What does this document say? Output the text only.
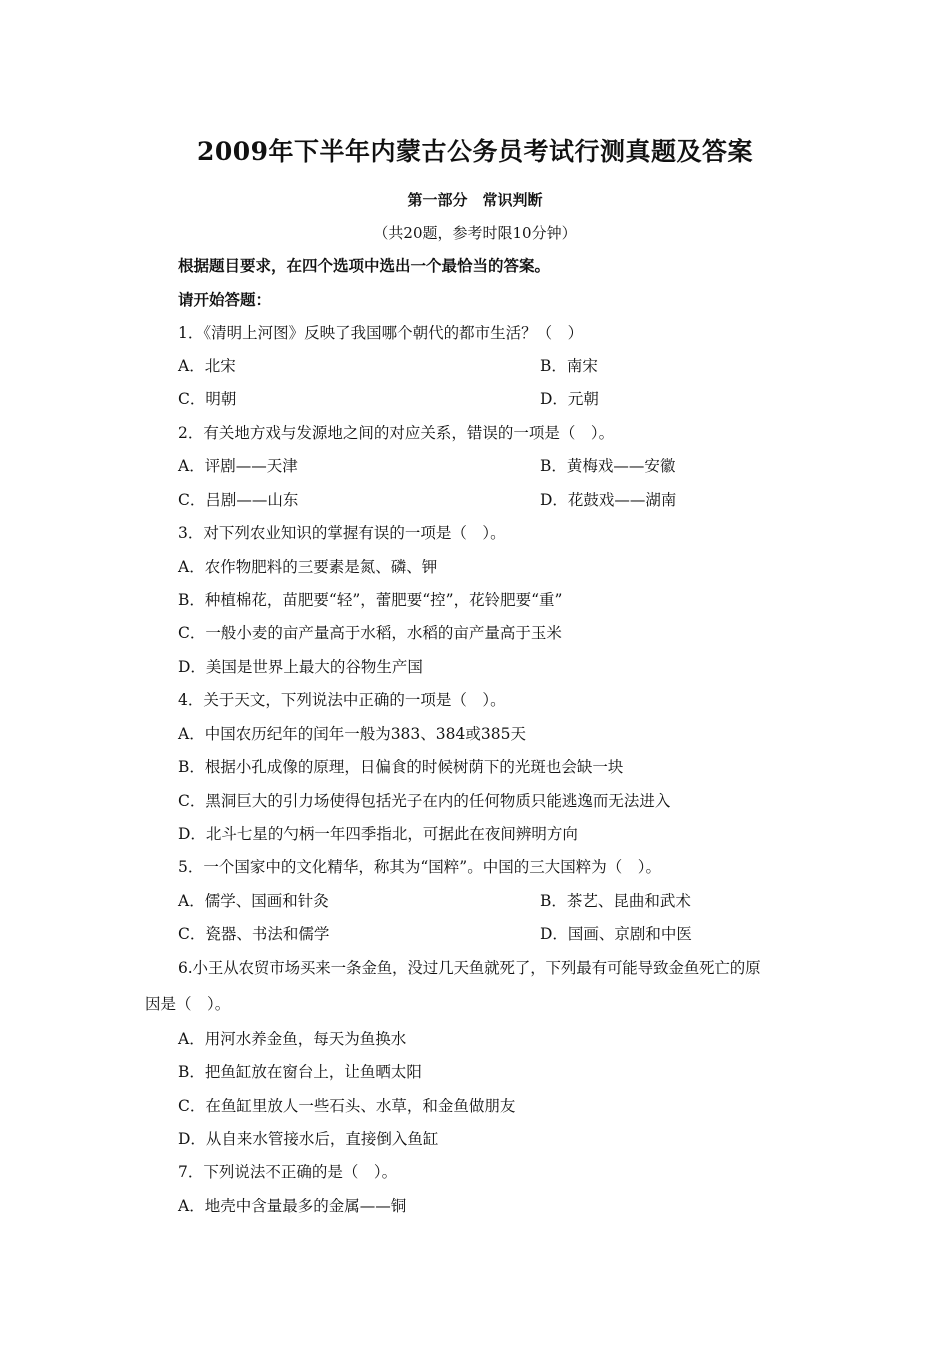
2009年下半年内蒙古公务员考试行测真题及答案
第一部分　常识判断
（共20题，参考时限10分钟）
根据题目要求，在四个选项中选出一个最恰当的答案。
请开始答题：
1．《清明上河图》反映了我国哪个朝代的都市生活？（　）
A．北宋	B．南宋
C．明朝	D．元朝
2．有关地方戏与发源地之间的对应关系，错误的一项是（　）。
A．评剧——天津	B．黄梅戏——安徽
C．吕剧——山东	D．花鼓戏——湖南
3．对下列农业知识的掌握有误的一项是（　）。
A．农作物肥料的三要素是氮、磷、钾
B．种植棉花，苗肥要“轻”，蕾肥要“控”，花铃肥要“重”
C．一般小麦的亩产量高于水稻，水稻的亩产量高于玉米
D．美国是世界上最大的谷物生产国
4．关于天文，下列说法中正确的一项是（　）。
A．中国农历纪年的闰年一般为383、384或385天
B．根据小孔成像的原理，日偏食的时候树荫下的光斑也会缺一块
C．黑洞巨大的引力场使得包括光子在内的任何物质只能逃逸而无法进入
D．北斗七星的勺柄一年四季指北，可据此在夜间辨明方向
5．一个国家中的文化精华，称其为“国粹”。中国的三大国粹为（　）。
A．儒学、国画和针灸	B．茶艺、昆曲和武术
C．瓷器、书法和儒学	D．国画、京剧和中医
6.小王从农贸市场买来一条金鱼，没过几天鱼就死了，下列最有可能导致金鱼死亡的原
因是（　）。
A．用河水养金鱼，每天为鱼换水
B．把鱼缸放在窗台上，让鱼晒太阳
C．在鱼缸里放人一些石头、水草，和金鱼做朋友
D．从自来水管接水后，直接倒入鱼缸
7．下列说法不正确的是（　）。
A．地壳中含量最多的金属——铜
